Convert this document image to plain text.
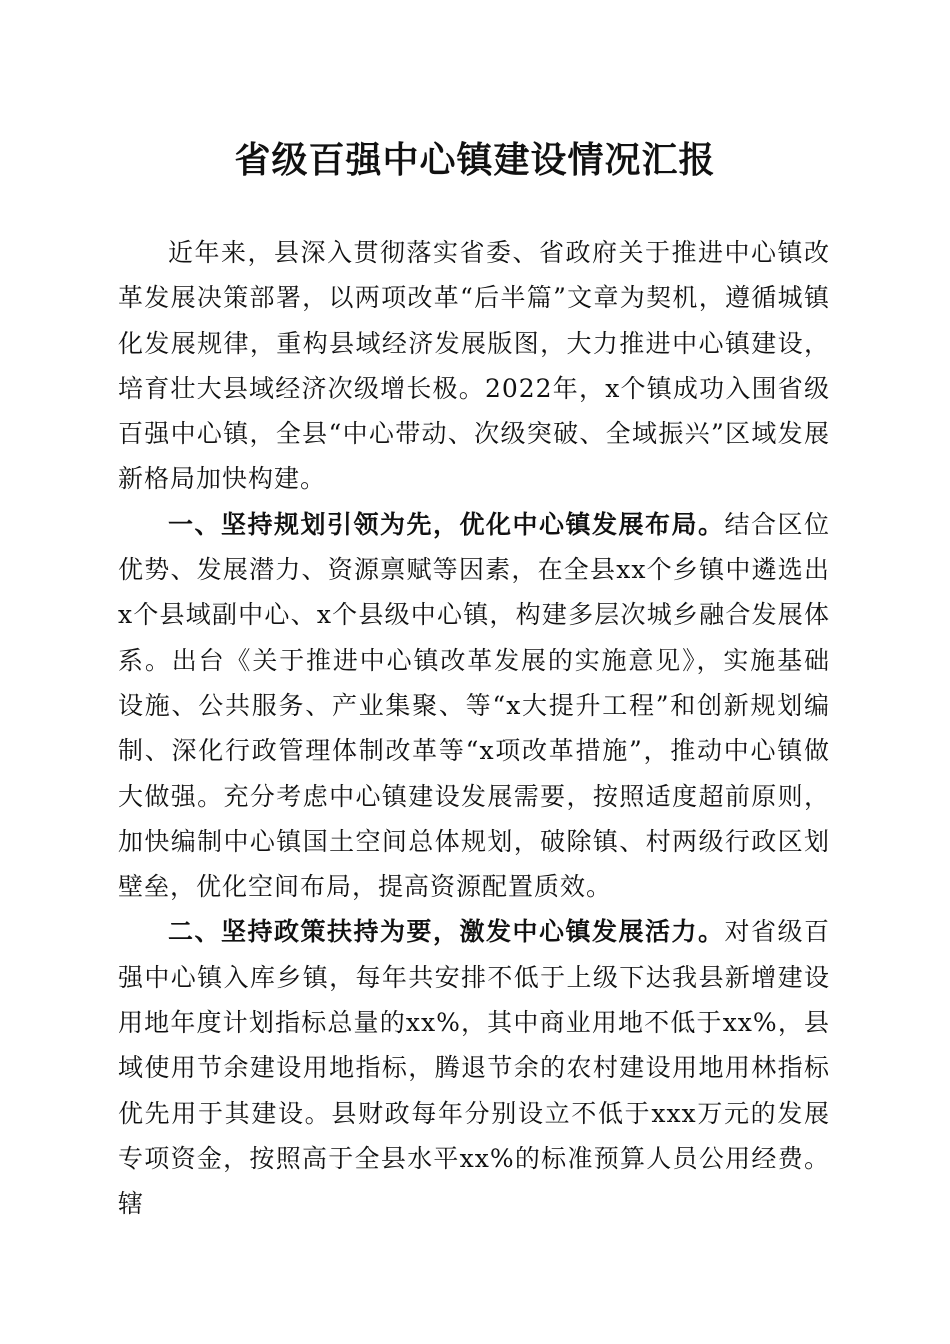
省级百强中心镇建设情况汇报

近年来，县深入贯彻落实省委、省政府关于推进中心镇改革发展决策部署，以两项改革“后半篇”文章为契机，遵循城镇化发展规律，重构县域经济发展版图，大力推进中心镇建设，培育壮大县域经济次级增长极。2022年，x个镇成功入围省级百强中心镇，全县“中心带动、次级突破、全域振兴”区域发展新格局加快构建。

一、坚持规划引领为先，优化中心镇发展布局。结合区位优势、发展潜力、资源禀赋等因素，在全县xx个乡镇中遴选出x个县域副中心、x个县级中心镇，构建多层次城乡融合发展体系。出台《关于推进中心镇改革发展的实施意见》，实施基础设施、公共服务、产业集聚、等“x大提升工程”和创新规划编制、深化行政管理体制改革等“x项改革措施”，推动中心镇做大做强。充分考虑中心镇建设发展需要，按照适度超前原则，加快编制中心镇国土空间总体规划，破除镇、村两级行政区划壁垒，优化空间布局，提高资源配置质效。

二、坚持政策扶持为要，激发中心镇发展活力。对省级百强中心镇入库乡镇，每年共安排不低于上级下达我县新增建设用地年度计划指标总量的xx%，其中商业用地不低于xx%，县域使用节余建设用地指标，腾退节余的农村建设用地用林指标优先用于其建设。县财政每年分别设立不低于xxx万元的发展专项资金，按照高于全县水平xx%的标准预算人员公用经费。辖
